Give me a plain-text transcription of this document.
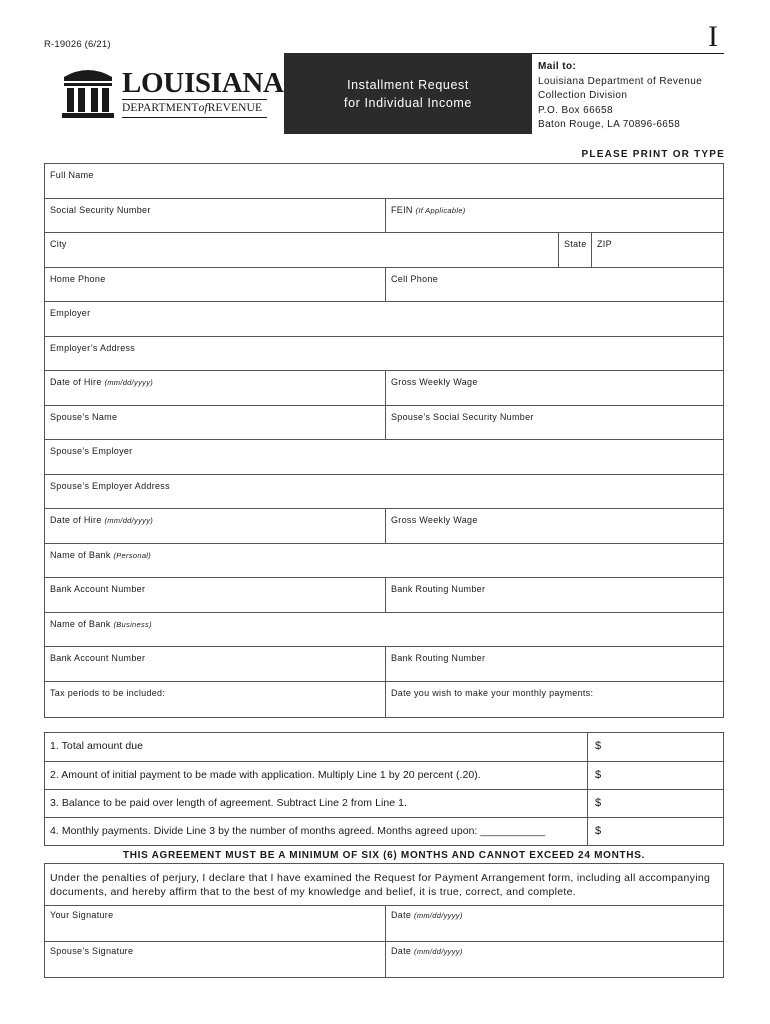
R-19026 (6/21)	I
LOUISIANA
DEPARTMENTofREVENUE
Installment Request
for Individual Income
Mail to:
Louisiana Department of Revenue
Collection Division
P.O. Box 66658
Baton Rouge, LA 70896-6658
PLEASE PRINT OR TYPE
Full Name
Social Security Number	FEIN (If Applicable)
City	State	ZIP
Home Phone	Cell Phone
Employer
Employer’s Address
Date of Hire (mm/dd/yyyy)	Gross Weekly Wage
Spouse’s Name	Spouse’s Social Security Number
Spouse’s Employer
Spouse’s Employer Address
Date of Hire (mm/dd/yyyy)	Gross Weekly Wage
Name of Bank (Personal)
Bank Account Number	Bank Routing Number
Name of Bank (Business)
Bank Account Number	Bank Routing Number
Tax periods to be included:	Date you wish to make your monthly payments:
1. Total amount due	$
2. Amount of initial payment to be made with application. Multiply Line 1 by 20 percent (.20).	$
3. Balance to be paid over length of agreement. Subtract Line 2 from Line 1.	$
4. Monthly payments. Divide Line 3 by the number of months agreed. Months agreed upon: ___________	$
THIS AGREEMENT MUST BE A MINIMUM OF SIX (6) MONTHS AND CANNOT EXCEED 24 MONTHS.
Under the penalties of perjury, I declare that I have examined the Request for Payment Arrangement form, including all accompanying documents, and hereby affirm that to the best of my knowledge and belief, it is true, correct, and complete.
Your Signature	Date (mm/dd/yyyy)
Spouse’s Signature	Date (mm/dd/yyyy)
